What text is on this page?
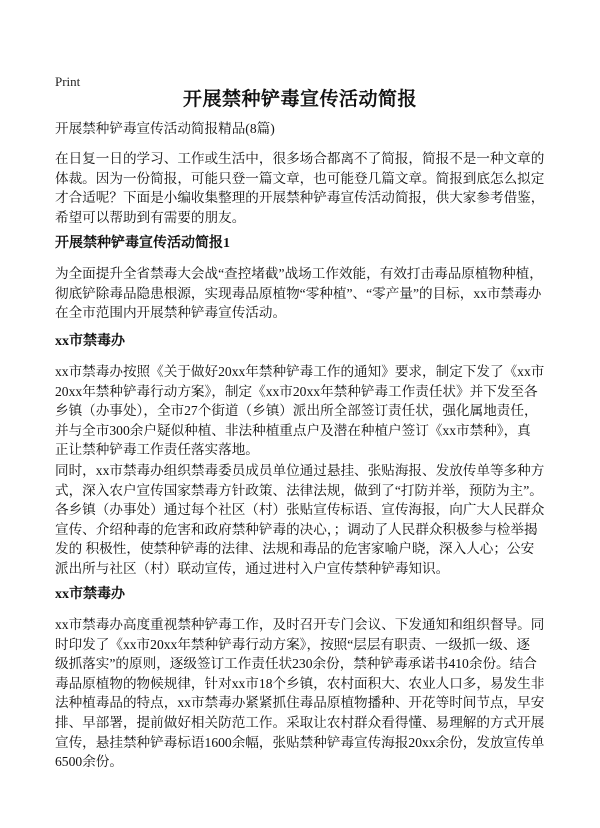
Print
开展禁种铲毒宣传活动简报
开展禁种铲毒宣传活动简报精品(8篇)
在日复一日的学习、工作或生活中，很多场合都离不了简报，简报不是一种文章的
体裁。因为一份简报，可能只登一篇文章，也可能登几篇文章。简报到底怎么拟定
才合适呢？下面是小编收集整理的开展禁种铲毒宣传活动简报，供大家参考借鉴，
希望可以帮助到有需要的朋友。
开展禁种铲毒宣传活动简报1
为全面提升全省禁毒大会战“查控堵截”战场工作效能，有效打击毒品原植物种植，
彻底铲除毒品隐患根源，实现毒品原植物“零种植”、“零产量”的目标，xx市禁毒办
在全市范围内开展禁种铲毒宣传活动。
xx市禁毒办
xx市禁毒办按照《关于做好20xx年禁种铲毒工作的通知》要求，制定下发了《xx市
20xx年禁种铲毒行动方案》，制定《xx市20xx年禁种铲毒工作责任状》并下发至各
乡镇（办事处），全市27个街道（乡镇）派出所全部签订责任状，强化属地责任，
并与全市300余户疑似种植、非法种植重点户及潜在种植户签订《xx市禁种》，真
正让禁种铲毒工作责任落实落地。
同时，xx市禁毒办组织禁毒委员成员单位通过悬挂、张贴海报、发放传单等多种方
式，深入农户宣传国家禁毒方针政策、法律法规，做到了“打防并举，预防为主”。
各乡镇（办事处）通过每个社区（村）张贴宣传标语、宣传海报，向广大人民群众
宣传、介绍种毒的危害和政府禁种铲毒的决心，；调动了人民群众积极参与检举揭
发的 积极性，使禁种铲毒的法律、法规和毒品的危害家喻户晓，深入人心；公安
派出所与社区（村）联动宣传，通过进村入户宣传禁种铲毒知识。
xx市禁毒办
xx市禁毒办高度重视禁种铲毒工作，及时召开专门会议、下发通知和组织督导。同
时印发了《xx市20xx年禁种铲毒行动方案》，按照“层层有职责、一级抓一级、逐
级抓落实”的原则，逐级签订工作责任状230余份，禁种铲毒承诺书410余份。结合
毒品原植物的物候规律，针对xx市18个乡镇，农村面积大、农业人口多，易发生非
法种植毒品的特点，xx市禁毒办紧紧抓住毒品原植物播种、开花等时间节点，早安
排、早部署，提前做好相关防范工作。采取让农村群众看得懂、易理解的方式开展
宣传，悬挂禁种铲毒标语1600余幅，张贴禁种铲毒宣传海报20xx余份，发放宣传单
6500余份。
